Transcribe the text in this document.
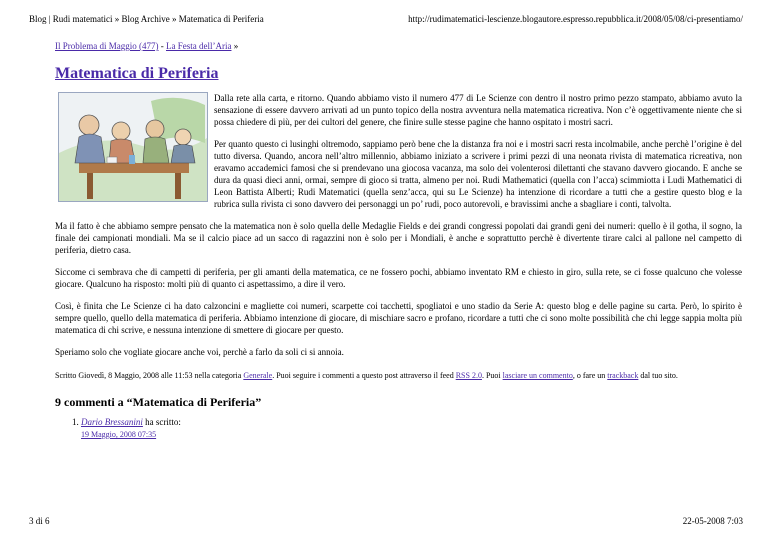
Blog | Rudi matematici » Blog Archive » Matematica di Periferia	http://rudimatematici-lescienze.blogautore.espresso.repubblica.it/2008/05/08/ci-presentiamo/
Il Problema di Maggio (477) - La Festa dell’Aria »
Matematica di Periferia

Dalla rete alla carta, e ritorno. Quando abbiamo visto il numero 477 di Le Scienze con dentro il nostro primo pezzo stampato, abbiamo avuto la sensazione di essere davvero arrivati ad un punto topico della nostra avventura nella matematica ricreativa. Non c’è oggettivamente niente che si possa chiedere di più, per dei cultori del genere, che finire sulle stesse pagine che hanno ospitato i mostri sacri.

Per quanto questo ci lusinghi oltremodo, sappiamo però bene che la distanza fra noi e i mostri sacri resta incolmabile, anche perchè l’origine è del tutto diversa. Quando, ancora nell’altro millennio, abbiamo iniziato a scrivere i primi pezzi di una neonata rivista di matematica ricreativa, non eravamo accademici famosi che si prendevano una giocosa vacanza, ma solo dei volenterosi dilettanti che stavano davvero giocando. E anche se dura da quasi dieci anni, ormai, sempre di gioco si tratta, almeno per noi. Rudi Mathematici (quella con l’acca) scimmiotta i Ludi Mathematici di Leon Battista Alberti; Rudi Matematici (quella senz’acca, qui su Le Scienze) ha intenzione di ricordare a tutti che a gestire questo blog e la rubrica sulla rivista ci sono davvero dei personaggi un po’ rudi, poco autorevoli, e bravissimi anche a sbagliare i conti, talvolta.

Ma il fatto è che abbiamo sempre pensato che la matematica non è solo quella delle Medaglie Fields e dei grandi congressi popolati dai grandi geni dei numeri: quello è il gotha, il sogno, la finale dei campionati mondiali. Ma se il calcio piace ad un sacco di ragazzini non è solo per i Mondiali, è anche e soprattutto perchè è divertente tirare calci al pallone nel campetto di periferia, dietro casa.

Siccome ci sembrava che di campetti di periferia, per gli amanti della matematica, ce ne fossero pochi, abbiamo inventato RM e chiesto in giro, sulla rete, se ci fosse qualcuno che volesse giocare. Qualcuno ha risposto: molti più di quanto ci aspettassimo, a dire il vero.

Così, è finita che Le Scienze ci ha dato calzoncini e magliette coi numeri, scarpette coi tacchetti, spogliatoi e uno stadio da Serie A: questo blog e delle pagine su carta. Però, lo spirito è sempre quello, quello della matematica di periferia. Abbiamo intenzione di giocare, di mischiare sacro e profano, ricordare a tutti che ci sono molte possibilità che chi legge sappia molta più matematica di chi scrive, e nessuna intenzione di smettere di giocare per questo.

Speriamo solo che vogliate giocare anche voi, perchè a farlo da soli ci si annoia.

Scritto Giovedì, 8 Maggio, 2008 alle 11:53 nella categoria Generale. Puoi seguire i commenti a questo post attraverso il feed RSS 2.0. Puoi lasciare un commento, o fare un trackback dal tuo sito.
9 commenti a “Matematica di Periferia”
1. Dario Bressanini ha scritto:
19 Maggio, 2008 07:35
3 di 6	22-05-2008 7:03
